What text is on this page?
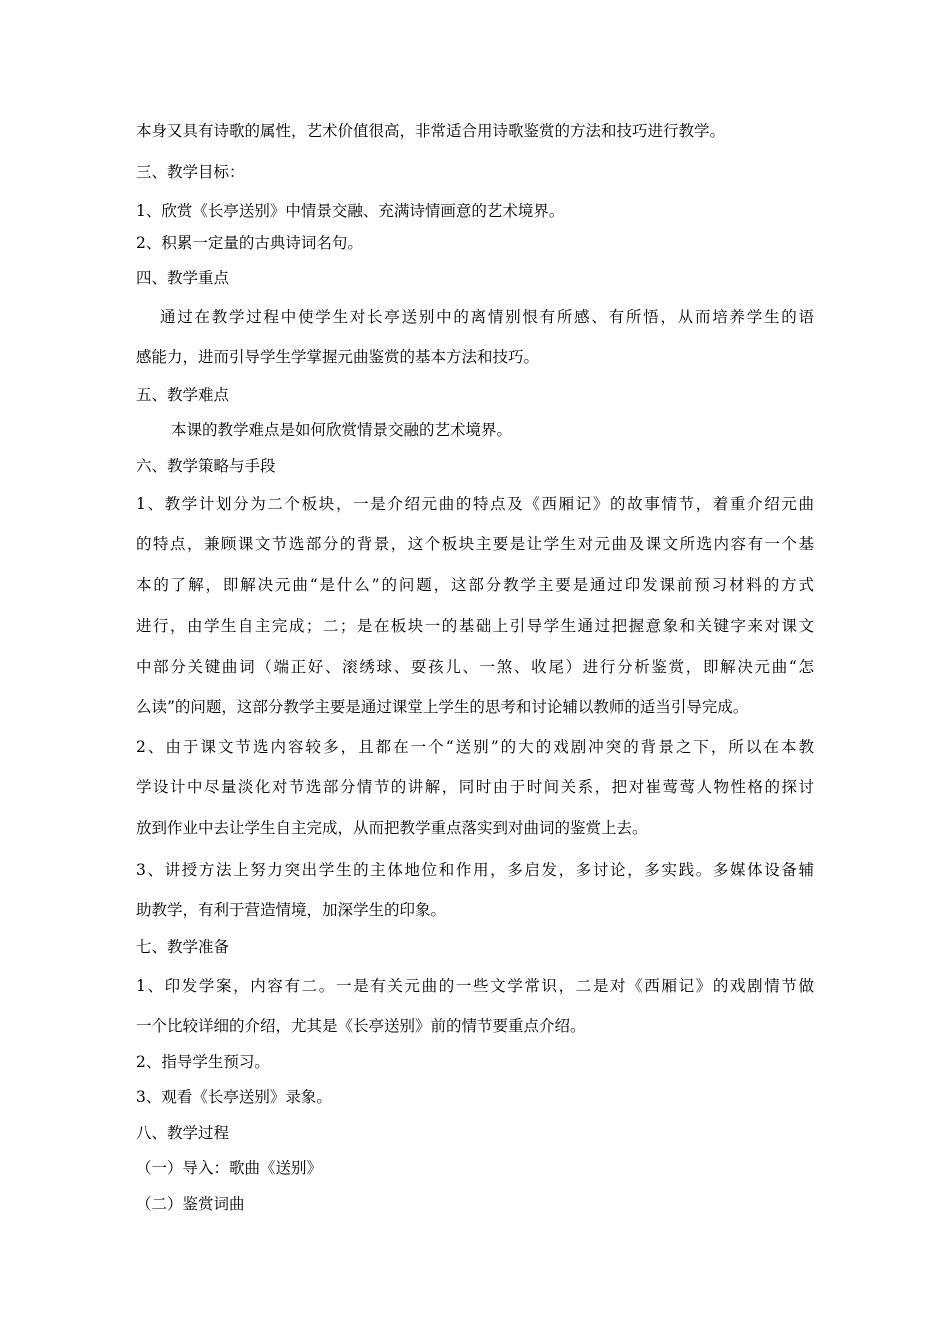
本身又具有诗歌的属性，艺术价值很高，非常适合用诗歌鉴赏的方法和技巧进行教学。
三、教学目标：
1、欣赏《长亭送别》中情景交融、充满诗情画意的艺术境界。
2、积累一定量的古典诗词名句。
四、教学重点
通过在教学过程中使学生对长亭送别中的离情别恨有所感、有所悟，从而培养学生的语
感能力，进而引导学生学掌握元曲鉴赏的基本方法和技巧。
五、教学难点
本课的教学难点是如何欣赏情景交融的艺术境界。
六、教学策略与手段
1、教学计划分为二个板块，一是介绍元曲的特点及《西厢记》的故事情节，着重介绍元曲
的特点，兼顾课文节选部分的背景，这个板块主要是让学生对元曲及课文所选内容有一个基
本的了解，即解决元曲“是什么”的问题，这部分教学主要是通过印发课前预习材料的方式
进行，由学生自主完成；二；是在板块一的基础上引导学生通过把握意象和关键字来对课文
中部分关键曲词（端正好、滚绣球、耍孩儿、一煞、收尾）进行分析鉴赏，即解决元曲“怎
么读”的问题，这部分教学主要是通过课堂上学生的思考和讨论辅以教师的适当引导完成。
2、由于课文节选内容较多，且都在一个“送别”的大的戏剧冲突的背景之下，所以在本教
学设计中尽量淡化对节选部分情节的讲解，同时由于时间关系，把对崔莺莺人物性格的探讨
放到作业中去让学生自主完成，从而把教学重点落实到对曲词的鉴赏上去。
3、讲授方法上努力突出学生的主体地位和作用，多启发，多讨论，多实践。多媒体设备辅
助教学，有利于营造情境，加深学生的印象。
七、教学准备
1、印发学案，内容有二。一是有关元曲的一些文学常识，二是对《西厢记》的戏剧情节做
一个比较详细的介绍，尤其是《长亭送别》前的情节要重点介绍。
2、指导学生预习。
3、观看《长亭送别》录象。
八、教学过程
（一）导入：歌曲《送别》
（二）鉴赏词曲
